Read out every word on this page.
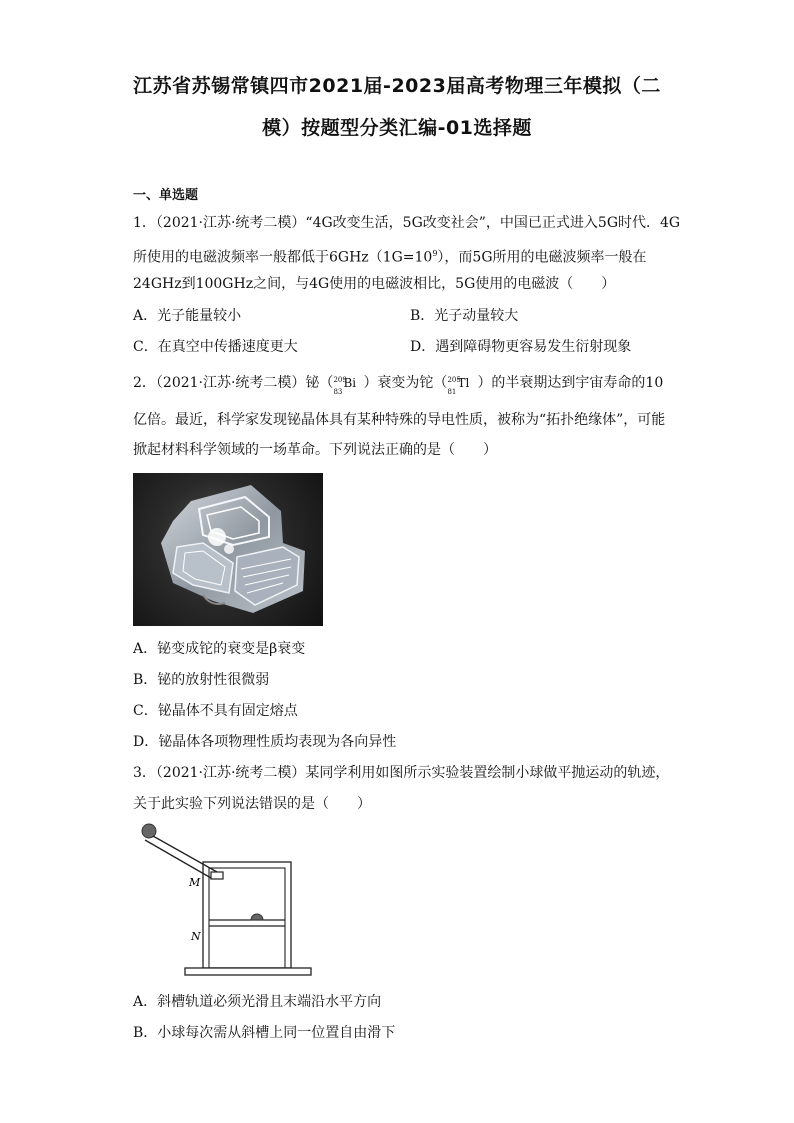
江苏省苏锡常镇四市2021届-2023届高考物理三年模拟（二
模）按题型分类汇编-01选择题
一、单选题
1．（2021·江苏·统考二模）“4G改变生活，5G改变社会”，中国已正式进入5G时代．4G
所使用的电磁波频率一般都低于$6GHz(1G=10^9)$，而5G所用的电磁波频率一般在
24GHz到100GHz之间，与4G使用的电磁波相比，5G使用的电磁波（　　）
A．光子能量较小	B．光子动量较大
C．在真空中传播速度更大	D．遇到障碍物更容易发生衍射现象
2．（2021·江苏·统考二模）铋（ 209
83
Bi ）衰变为铊（ 205
81
Tl ）的半衰期达到宇宙寿命的10
亿倍。最近，科学家发现铋晶体具有某种特殊的导电性质，被称为“拓扑绝缘体”，可能
掀起材料科学领域的一场革命。下列说法正确的是（　　）
A．铋变成铊的衰变是β衰变
B．铋的放射性很微弱
C．铋晶体不具有固定熔点
D．铋晶体各项物理性质均表现为各向异性
3．（2021·江苏·统考二模）某同学利用如图所示实验装置绘制小球做平抛运动的轨迹，
关于此实验下列说法错误的是（　　）
M
N
A．斜槽轨道必须光滑且末端沿水平方向
B．小球每次需从斜槽上同一位置自由滑下
